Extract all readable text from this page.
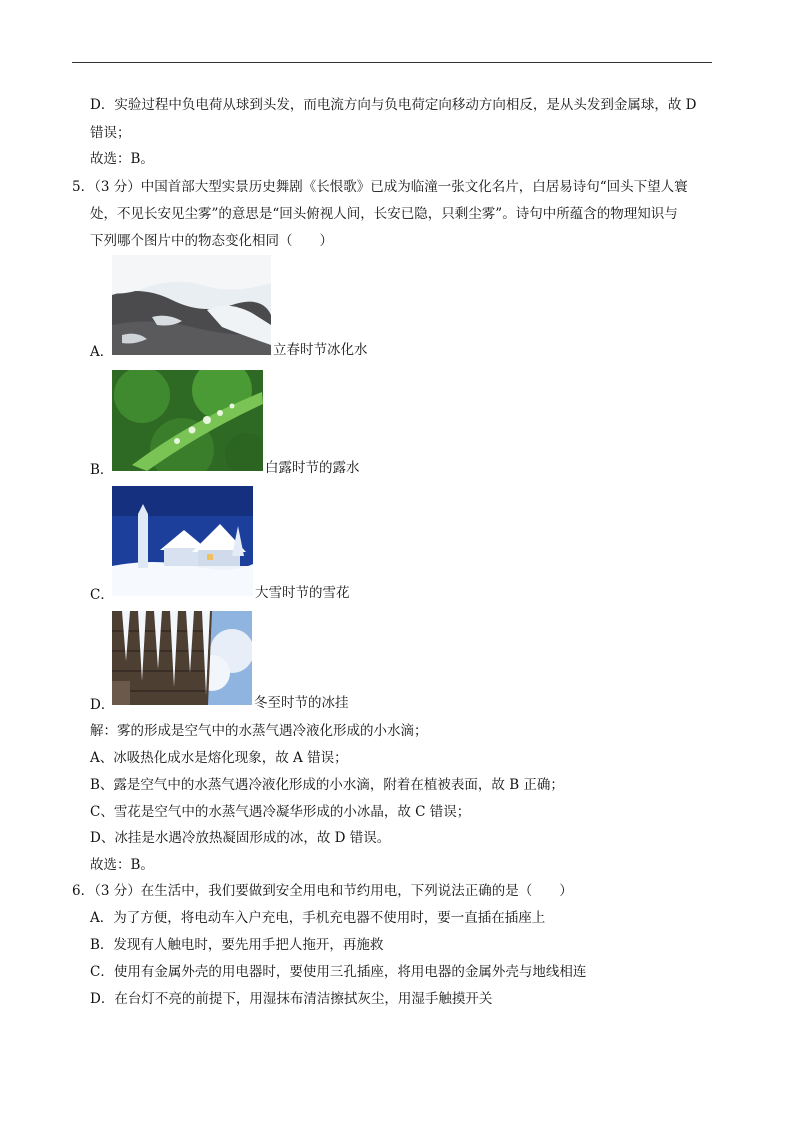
D．实验过程中负电荷从球到头发，而电流方向与负电荷定向移动方向相反，是从头发到金属球，故 D
错误；
故选：B。
5．（3 分）中国首部大型实景历史舞剧《长恨歌》已成为临潼一张文化名片，白居易诗句“回头下望人寰
处，不见长安见尘雾”的意思是“回头俯视人间，长安已隐，只剩尘雾”。诗句中所蕴含的物理知识与
下列哪个图片中的物态变化相同（　　）
A．	立春时节冰化水
B．	白露时节的露水
C．	大雪时节的雪花
D．	冬至时节的冰挂
解：雾的形成是空气中的水蒸气遇冷液化形成的小水滴；
A、冰吸热化成水是熔化现象，故 A 错误；
B、露是空气中的水蒸气遇冷液化形成的小水滴，附着在植被表面，故 B 正确；
C、雪花是空气中的水蒸气遇冷凝华形成的小冰晶，故 C 错误；
D、冰挂是水遇冷放热凝固形成的冰，故 D 错误。
故选：B。
6．（3 分）在生活中，我们要做到安全用电和节约用电，下列说法正确的是（　　）
A．为了方便，将电动车入户充电，手机充电器不使用时，要一直插在插座上
B．发现有人触电时，要先用手把人拖开，再施救
C．使用有金属外壳的用电器时，要使用三孔插座，将用电器的金属外壳与地线相连
D．在台灯不亮的前提下，用湿抹布清洁擦拭灰尘，用湿手触摸开关
